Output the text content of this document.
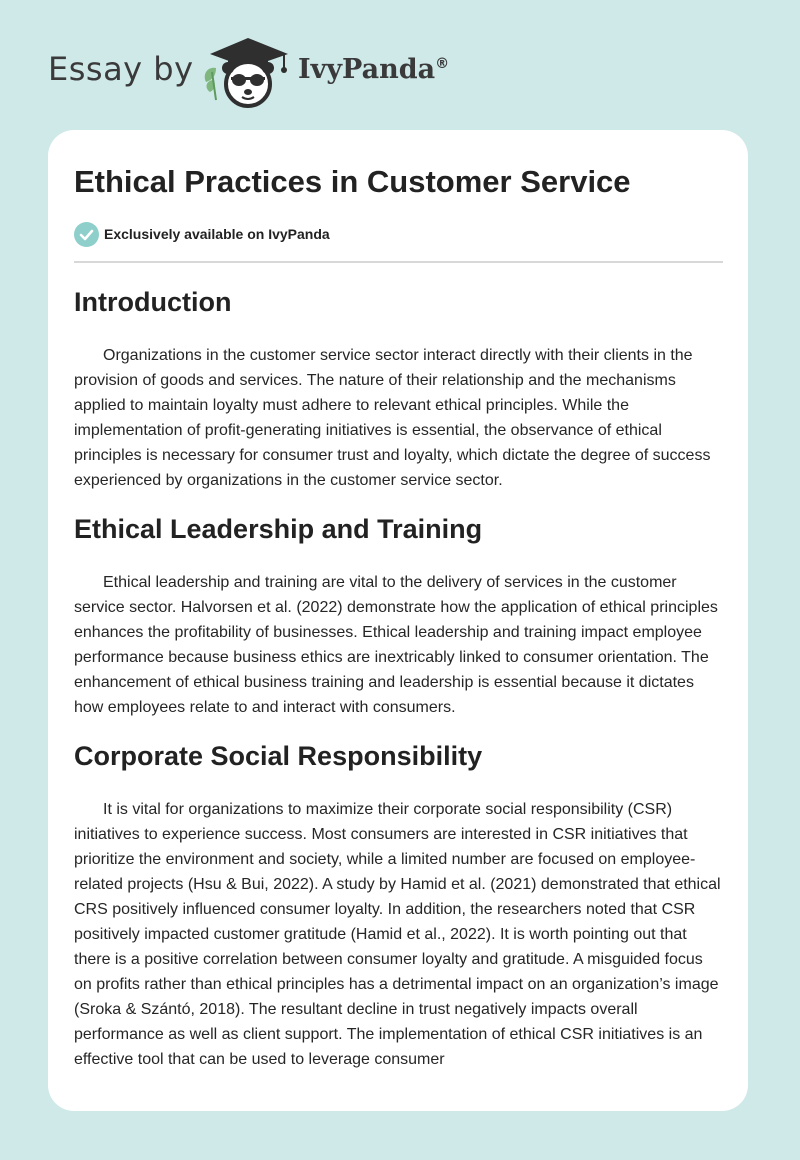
Essay by	IvyPanda®
Ethical Practices in Customer Service
Exclusively available on IvyPanda
Introduction

Organizations in the customer service sector interact directly with their clients in the provision of goods and services. The nature of their relationship and the mechanisms applied to maintain loyalty must adhere to relevant ethical principles. While the implementation of profit-generating initiatives is essential, the observance of ethical principles is necessary for consumer trust and loyalty, which dictate the degree of success experienced by organizations in the customer service sector.

Ethical Leadership and Training

Ethical leadership and training are vital to the delivery of services in the customer service sector. Halvorsen et al. (2022) demonstrate how the application of ethical principles enhances the profitability of businesses. Ethical leadership and training impact employee performance because business ethics are inextricably linked to consumer orientation. The enhancement of ethical business training and leadership is essential because it dictates how employees relate to and interact with consumers.

Corporate Social Responsibility

It is vital for organizations to maximize their corporate social responsibility (CSR) initiatives to experience success. Most consumers are interested in CSR initiatives that prioritize the environment and society, while a limited number are focused on employee-related projects (Hsu & Bui, 2022). A study by Hamid et al. (2021) demonstrated that ethical CRS positively influenced consumer loyalty. In addition, the researchers noted that CSR positively impacted customer gratitude (Hamid et al., 2022). It is worth pointing out that there is a positive correlation between consumer loyalty and gratitude. A misguided focus on profits rather than ethical principles has a detrimental impact on an organization’s image (Sroka & Szántó, 2018). The resultant decline in trust negatively impacts overall performance as well as client support. The implementation of ethical CSR initiatives is an effective tool that can be used to leverage consumer
